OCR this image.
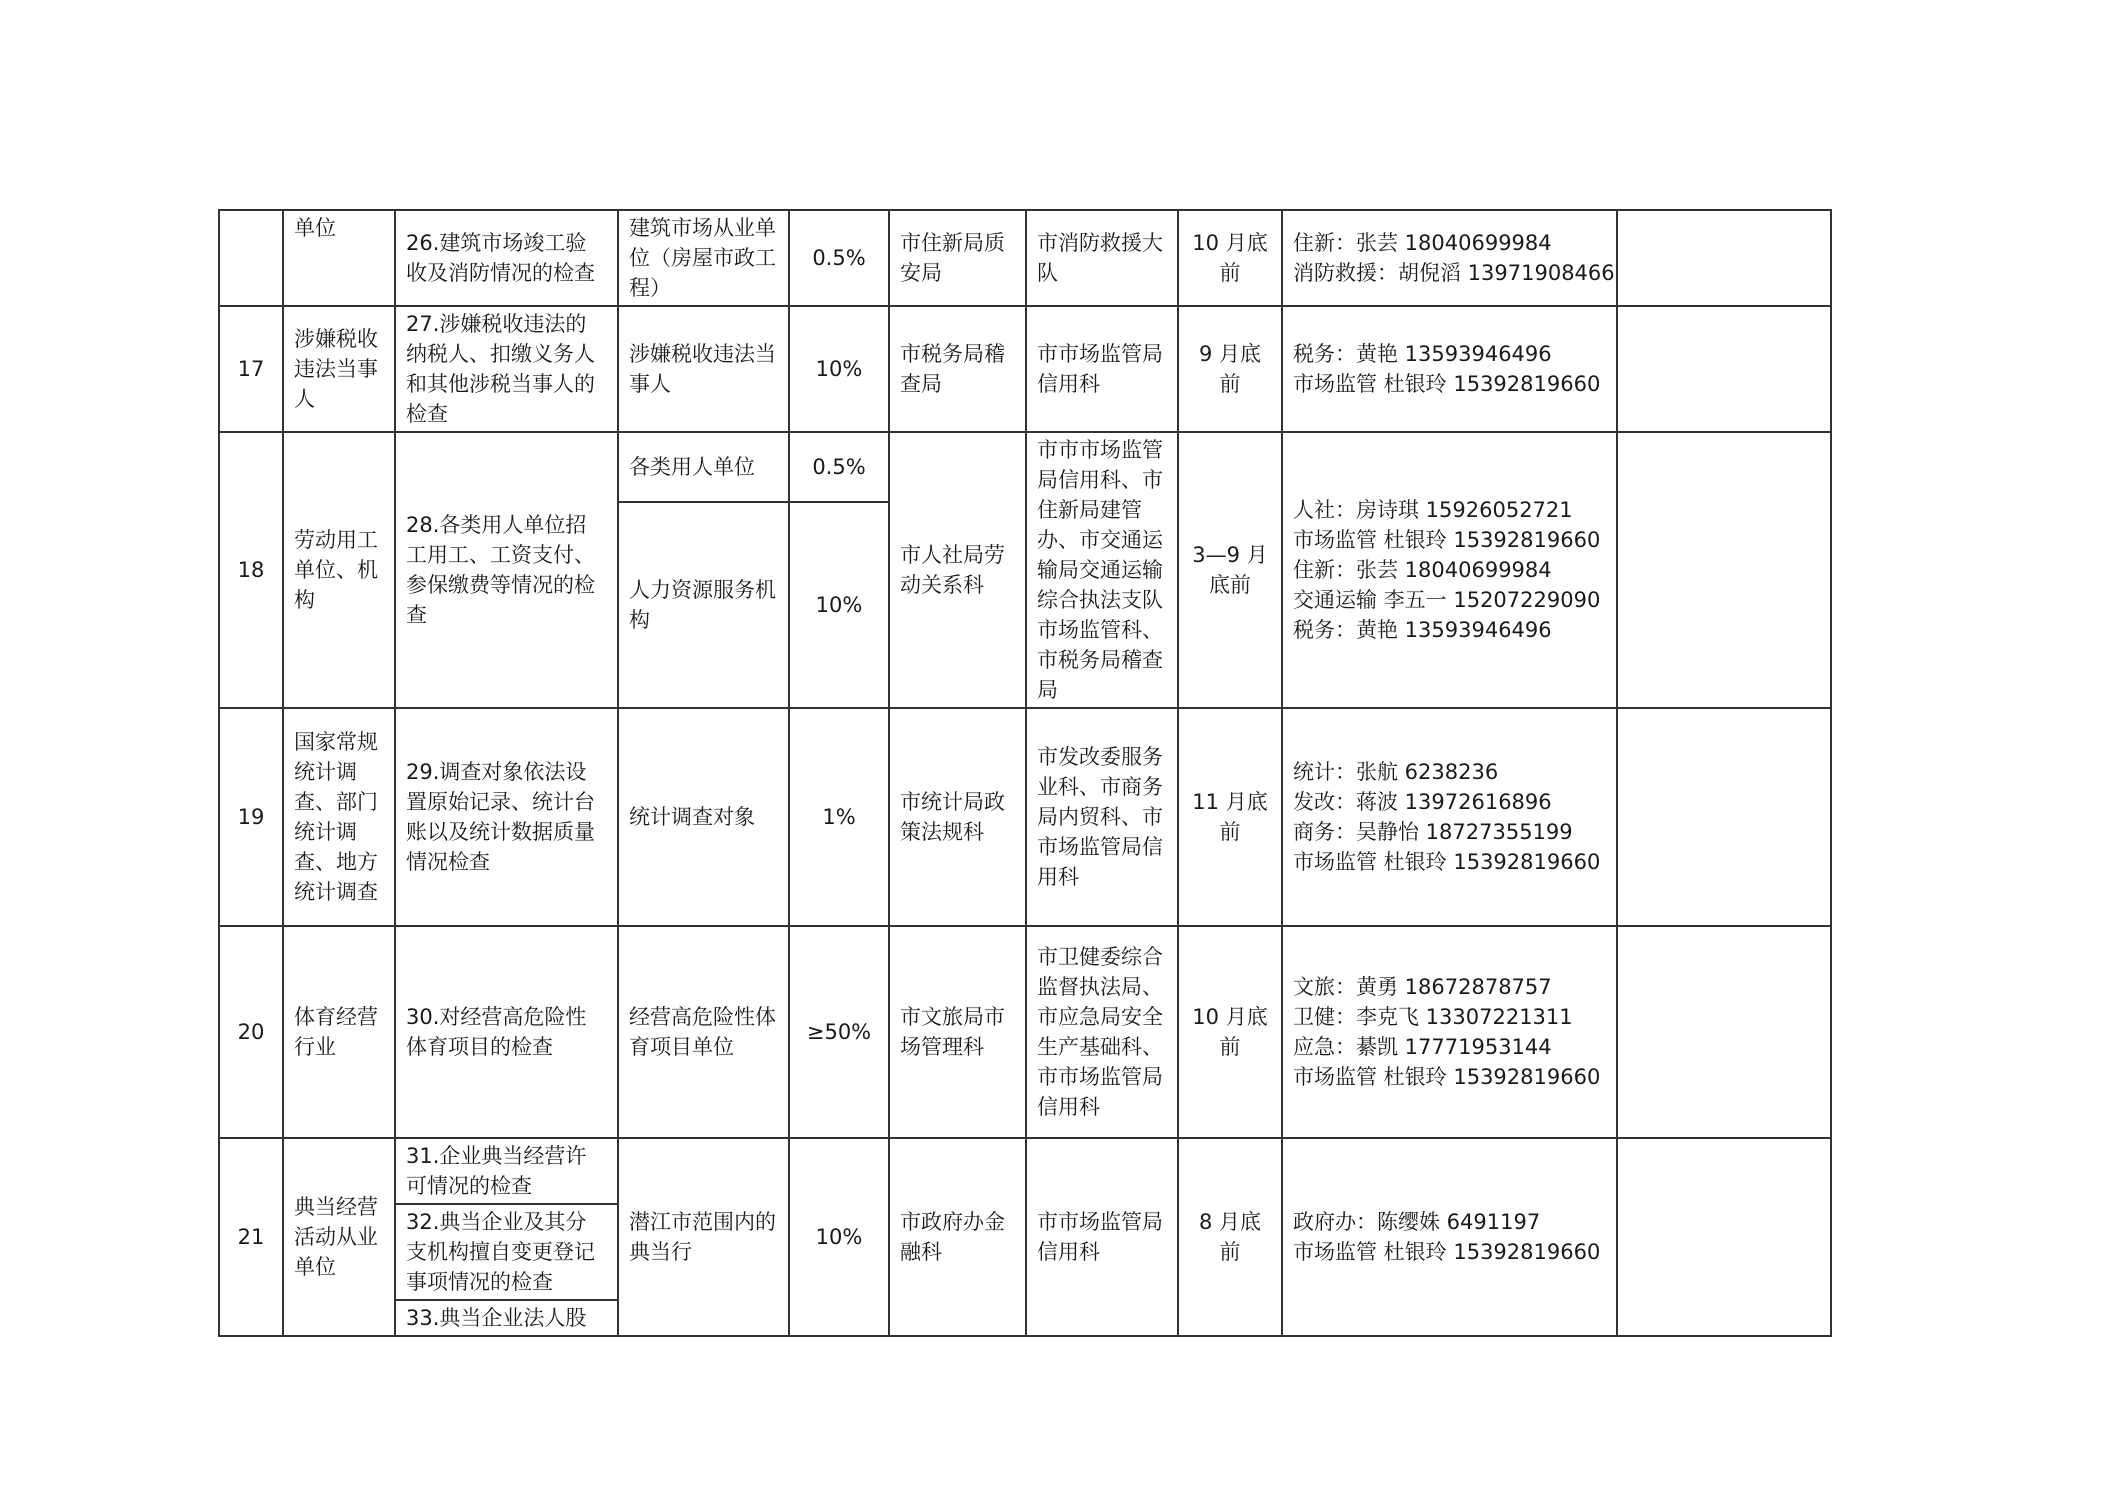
	单位	26.建筑市场竣工验收及消防情况的检查	建筑市场从业单位（房屋市政工程）	0.5%	市住新局质安局	市消防救援大队	10 月底前	住新：张芸 18040699984
消防救援：胡倪滔 13971908466	

17	涉嫌税收违法当事人	27.涉嫌税收违法的纳税人、扣缴义务人和其他涉税当事人的检查	涉嫌税收违法当事人	10%	市税务局稽查局	市市场监管局信用科	9 月底前	税务：黄艳 13593946496
市场监管 杜银玲 15392819660	

18	劳动用工单位、机构	28.各类用人单位招工用工、工资支付、参保缴费等情况的检查	各类用人单位	0.5%	市人社局劳动关系科	市市市场监管局信用科、市住新局建管办、市交通运输局交通运输综合执法支队市场监管科、市税务局稽查局	3—9 月底前	人社：房诗琪 15926052721
市场监管 杜银玲 15392819660
住新：张芸 18040699984
交通运输 李五一 15207229090
税务：黄艳 13593946496	

			人力资源服务机构	10%					
19	国家常规统计调查、部门统计调查、地方统计调查	29.调查对象依法设置原始记录、统计台账以及统计数据质量情况检查	统计调查对象	1%	市统计局政策法规科	市发改委服务业科、市商务局内贸科、市市场监管局信用科	11 月底前	统计：张航 6238236
发改：蒋波 13972616896
商务：吴静怡 18727355199
市场监管 杜银玲 15392819660	

20	体育经营行业	30.对经营高危险性体育项目的检查	经营高危险性体育项目单位	≥50%	市文旅局市场管理科	市卫健委综合监督执法局、市应急局安全生产基础科、市市场监管局信用科	10 月底前	文旅：黄勇 18672878757
卫健：李克飞 13307221311
应急：綦凯 17771953144
市场监管 杜银玲 15392819660	

21	典当经营活动从业单位	31.企业典当经营许可情况的检查	潜江市范围内的典当行	10%	市政府办金融科	市市场监管局信用科	8 月底前	政府办：陈缨姝 6491197
市场监管 杜银玲 15392819660	

		32.典当企业及其分支机构擅自变更登记事项情况的检查							
		33.典当企业法人股							
